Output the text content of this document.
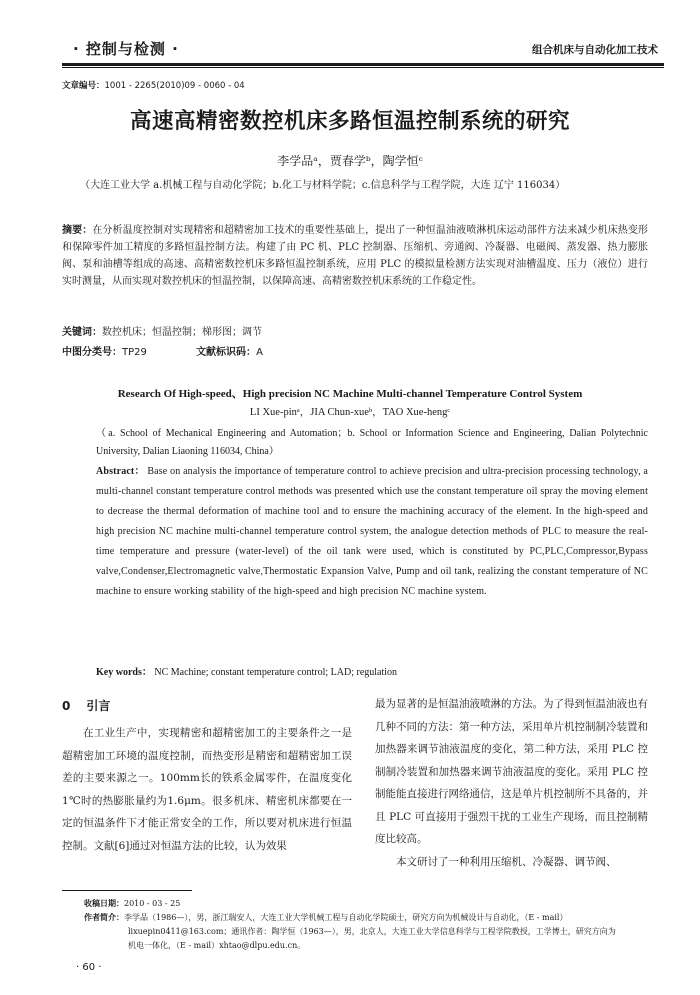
· 控制与检测 ·	组合机床与自动化加工技术
文章编号：1001 - 2265(2010)09 - 0060 - 04
高速高精密数控机床多路恒温控制系统的研究
李学品ᵃ，贾春学ᵇ，陶学恒ᶜ
（大连工业大学 a.机械工程与自动化学院；b.化工与材料学院；c.信息科学与工程学院，大连 辽宁 116034）
摘要：在分析温度控制对实现精密和超精密加工技术的重要性基础上，提出了一种恒温油液喷淋机床运动部件方法来减少机床热变形和保障零件加工精度的多路恒温控制方法。构建了由 PC 机、PLC 控制器、压缩机、旁通阀、冷凝器、电磁阀、蒸发器、热力膨胀阀、泵和油槽等组成的高速、高精密数控机床多路恒温控制系统，应用 PLC 的模拟量检测方法实现对油槽温度、压力（液位）进行实时测量，从而实现对数控机床的恒温控制，以保障高速、高精密数控机床系统的工作稳定性。
关键词：数控机床；恒温控制；梯形图；调节
中图分类号：TP29	文献标识码：A
Research Of High-speed、High precision NC Machine Multi-channel Temperature Control System
LI Xue-pinᵃ，JIA Chun-xueᵇ，TAO Xue-hengᶜ
（a. School of Mechanical Engineering and Automation；b. School or Information Science and Engineering, Dalian Polytechnic University, Dalian Liaoning 116034, China）
Abstract： Base on analysis the importance of temperature control to achieve precision and ultra-precision processing technology, a multi-channel constant temperature control methods was presented which use the constant temperature oil spray the moving element to decrease the thermal deformation of machine tool and to ensure the machining accuracy of the element. In the high-speed and high precision NC machine multi-channel temperature control system, the analogue detection methods of PLC to measure the real-time temperature and pressure (water-level) of the oil tank were used, which is constituted by PC,PLC,Compressor,Bypass valve,Condenser,Electromagnetic valve,Thermostatic Expansion Valve, Pump and oil tank, realizing the constant temperature of NC machine to ensure working stability of the high-speed and high precision NC machine system.
Key words： NC Machine; constant temperature control; LAD; regulation
0 引言

在工业生产中，实现精密和超精密加工的主要条件之一是超精密加工环境的温度控制，而热变形是精密和超精密加工误差的主要来源之一。100mm长的铁系金属零件，在温度变化1℃时的热膨胀量约为1.6μm。很多机床、精密机床都要在一定的恒温条件下才能正常安全的工作，所以要对机床进行恒温控制。文献[6]通过对恒温方法的比较，认为效果

最为显著的是恒温油液喷淋的方法。为了得到恒温油液也有几种不同的方法：第一种方法，采用单片机控制制冷装置和加热器来调节油液温度的变化，第二种方法，采用 PLC 控制制冷装置和加热器来调节油液温度的变化。采用 PLC 控制能能直接进行网络通信，这是单片机控制所不具备的，并且 PLC 可直接用于强烈干扰的工业生产现场，而且控制精度比较高。

本文研讨了一种利用压缩机、冷凝器、调节阀、

收稿日期：2010 - 03 - 25
作者简介：李学品（1986—），男，浙江瑞安人，大连工业大学机械工程与自动化学院硕士，研究方向为机械设计与自动化，（E - mail）
lixuepin0411@163.com；通讯作者：陶学恒（1963—），男，北京人，大连工业大学信息科学与工程学院教授，工学博士，研究方向为
机电一体化，（E - mail）xhtao@dlpu.edu.cn。
· 60 ·
